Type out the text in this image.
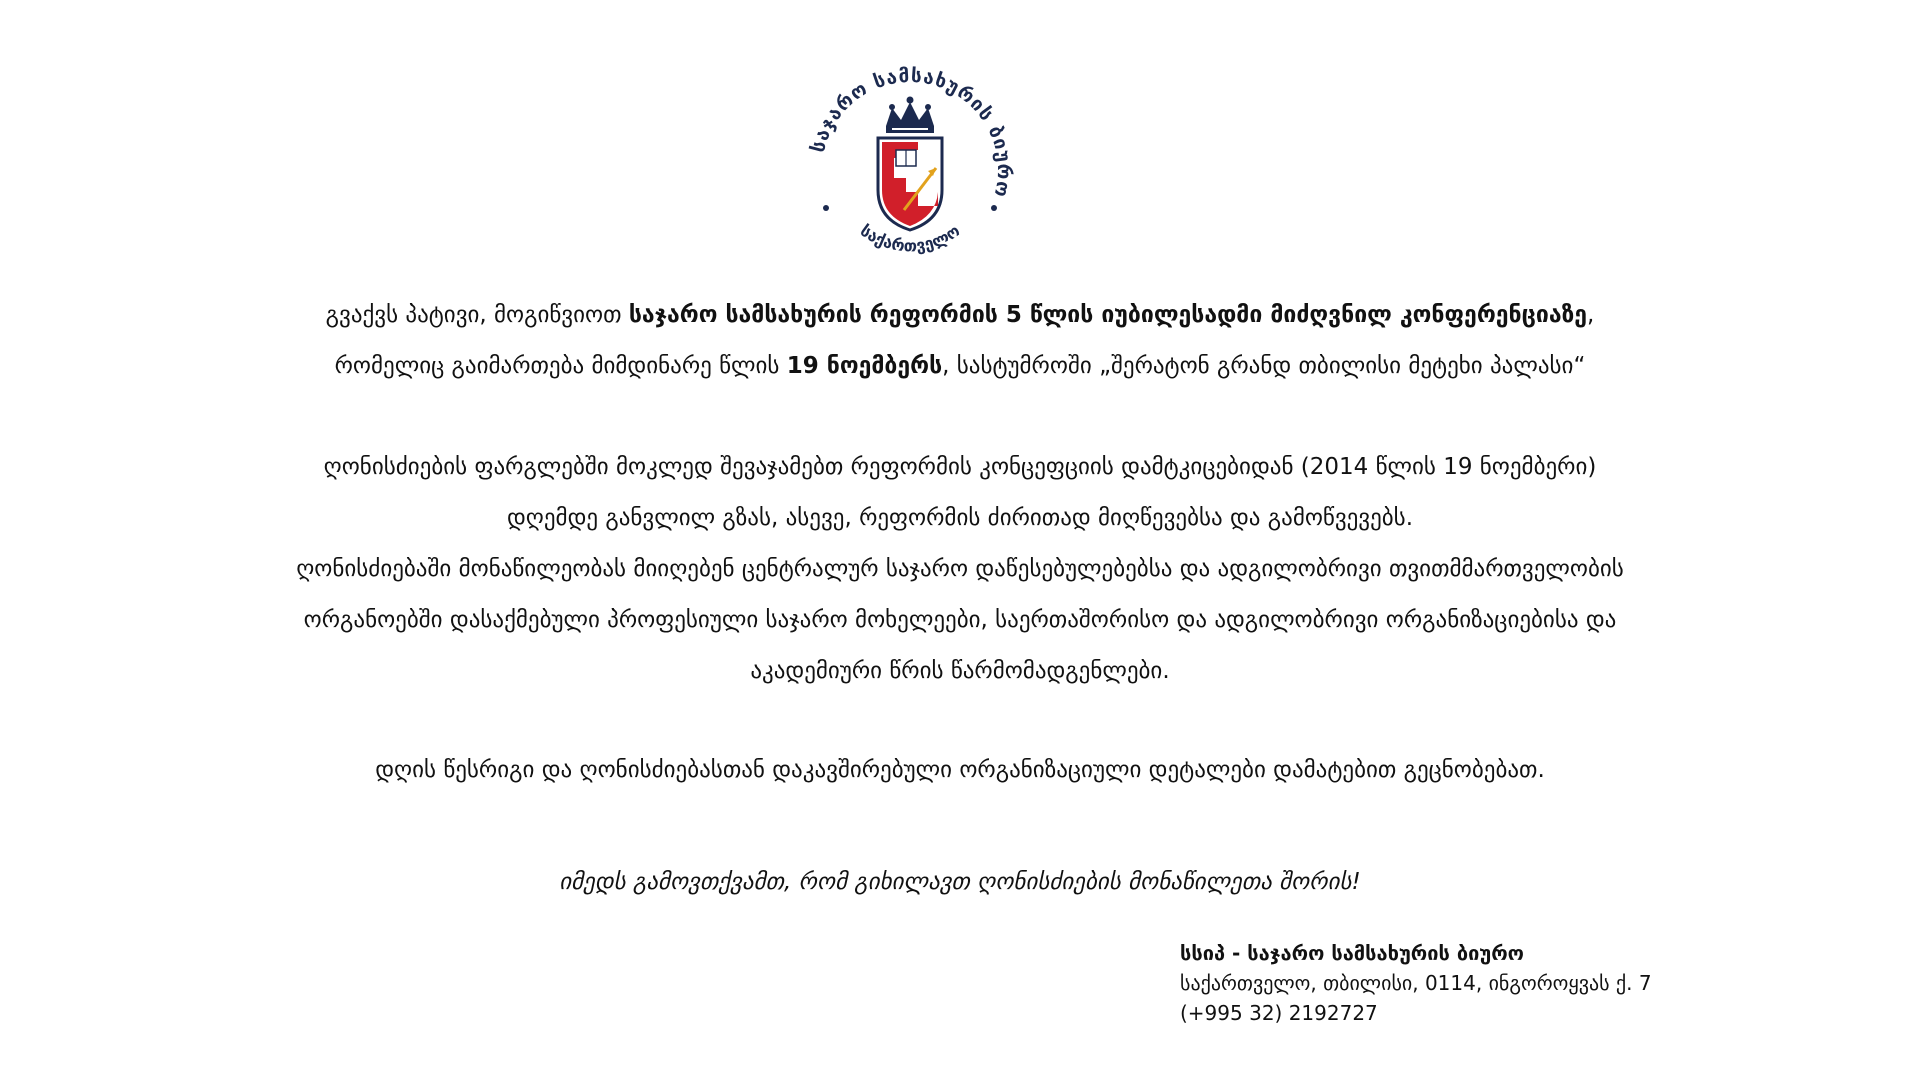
საჯარო სამსახურის ბიურო
საქართველო

გვაქვს პატივი, მოგიწვიოთ საჯარო სამსახურის რეფორმის 5 წლის იუბილესადმი მიძღვნილ კონფერენციაზე,
რომელიც გაიმართება მიმდინარე წლის 19 ნოემბერს, სასტუმროში „შერატონ გრანდ თბილისი მეტეხი პალასი“

ღონისძიების ფარგლებში მოკლედ შევაჯამებთ რეფორმის კონცეფციის დამტკიცებიდან (2014 წლის 19 ნოემბერი)
დღემდე განვლილ გზას, ასევე, რეფორმის ძირითად მიღწევებსა და გამოწვევებს.
ღონისძიებაში მონაწილეობას მიიღებენ ცენტრალურ საჯარო დაწესებულებებსა და ადგილობრივი თვითმმართველობის
ორგანოებში დასაქმებული პროფესიული საჯარო მოხელეები, საერთაშორისო და ადგილობრივი ორგანიზაციებისა და
აკადემიური წრის წარმომადგენლები.

დღის წესრიგი და ღონისძიებასთან დაკავშირებული ორგანიზაციული დეტალები დამატებით გეცნობებათ.

იმედს გამოვთქვამთ, რომ გიხილავთ ღონისძიების მონაწილეთა შორის!

სსიპ - საჯარო სამსახურის ბიურო
საქართველო, თბილისი, 0114, ინგოროყვას ქ. 7
(+995 32) 2192727
